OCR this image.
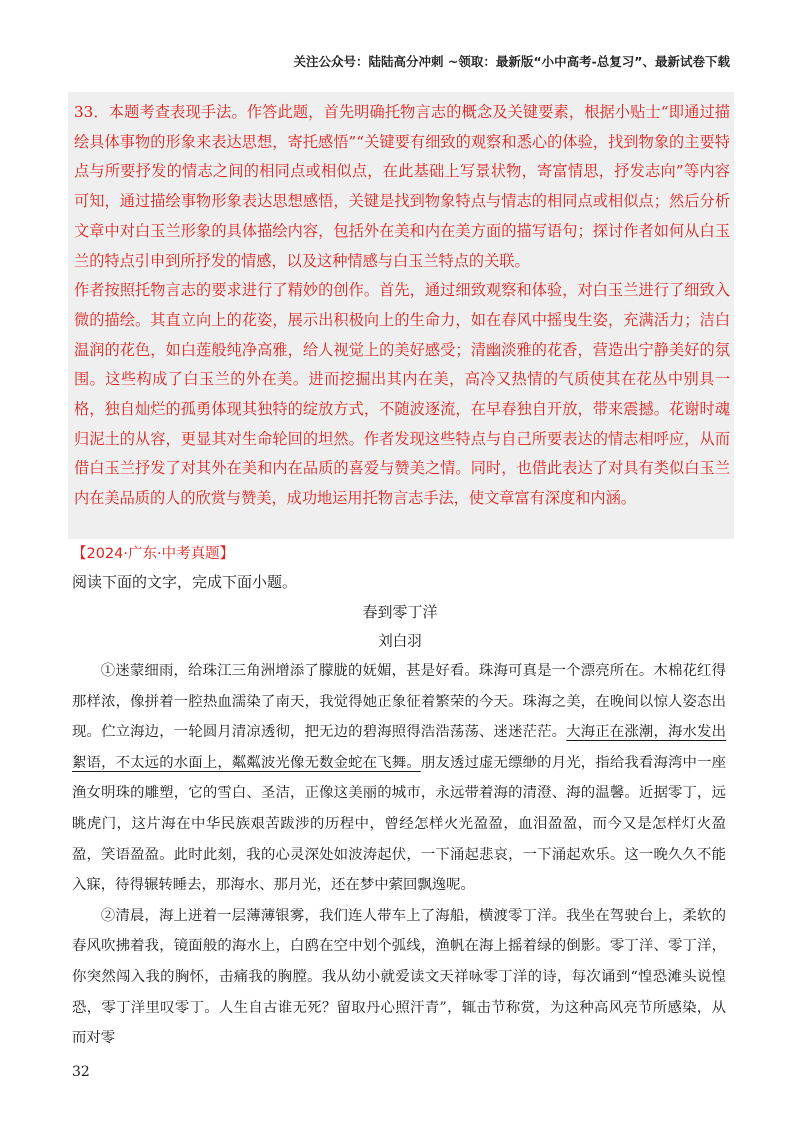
关注公众号：陆陆高分冲刺 ~领取：最新版“小中高考-总复习”、最新试卷下载

33．本题考查表现手法。作答此题，首先明确托物言志的概念及关键要素，根据小贴士“即通过描绘具体事物的形象来表达思想，寄托感悟”“关键要有细致的观察和悉心的体验，找到物象的主要特点与所要抒发的情志之间的相同点或相似点，在此基础上写景状物，寄富情思，抒发志向”等内容可知，通过描绘事物形象表达思想感悟，关键是找到物象特点与情志的相同点或相似点；然后分析文章中对白玉兰形象的具体描绘内容，包括外在美和内在美方面的描写语句；探讨作者如何从白玉兰的特点引申到所抒发的情感，以及这种情感与白玉兰特点的关联。

作者按照托物言志的要求进行了精妙的创作。首先，通过细致观察和体验，对白玉兰进行了细致入微的描绘。其直立向上的花姿，展示出积极向上的生命力，如在春风中摇曳生姿，充满活力；洁白温润的花色，如白莲般纯净高雅，给人视觉上的美好感受；清幽淡雅的花香，营造出宁静美好的氛围。这些构成了白玉兰的外在美。进而挖掘出其内在美，高冷又热情的气质使其在花丛中别具一格，独自灿烂的孤勇体现其独特的绽放方式，不随波逐流，在早春独自开放，带来震撼。花谢时魂归泥土的从容，更显其对生命轮回的坦然。作者发现这些特点与自己所要表达的情志相呼应，从而借白玉兰抒发了对其外在美和内在品质的喜爱与赞美之情。同时，也借此表达了对具有类似白玉兰内在美品质的人的欣赏与赞美，成功地运用托物言志手法，使文章富有深度和内涵。

【2024·广东·中考真题】
阅读下面的文字，完成下面小题。
春到零丁洋
刘白羽

①迷蒙细雨，给珠江三角洲增添了朦胧的妩媚，甚是好看。珠海可真是一个漂亮所在。木棉花红得那样浓，像拼着一腔热血濡染了南天，我觉得她正象征着繁荣的今天。珠海之美，在晚间以惊人姿态出现。伫立海边，一轮圆月清凉透彻，把无边的碧海照得浩浩荡荡、迷迷茫茫。大海正在涨潮，海水发出絮语，不太远的水面上，粼粼波光像无数金蛇在飞舞。朋友透过虚无缥缈的月光，指给我看海湾中一座渔女明珠的雕塑，它的雪白、圣洁，正像这美丽的城市，永远带着海的清澄、海的温馨。近据零丁，远眺虎门，这片海在中华民族艰苦跋涉的历程中，曾经怎样火光盈盈，血泪盈盈，而今又是怎样灯火盈盈，笑语盈盈。此时此刻，我的心灵深处如波涛起伏，一下涌起悲哀，一下涌起欢乐。这一晚久久不能入寐，待得辗转睡去，那海水、那月光，还在梦中萦回飘逸呢。

②清晨，海上迸着一层薄薄银雾，我们连人带车上了海船，横渡零丁洋。我坐在驾驶台上，柔软的春风吹拂着我，镜面般的海水上，白鸥在空中划个弧线，渔帆在海上摇着绿的倒影。零丁洋、零丁洋，你突然闯入我的胸怀，击痛我的胸膛。我从幼小就爱读文天祥咏零丁洋的诗，每次诵到“惶恐滩头说惶恐，零丁洋里叹零丁。人生自古谁无死？留取丹心照汗青”，辄击节称赏，为这种高风亮节所感染，从而对零

32
